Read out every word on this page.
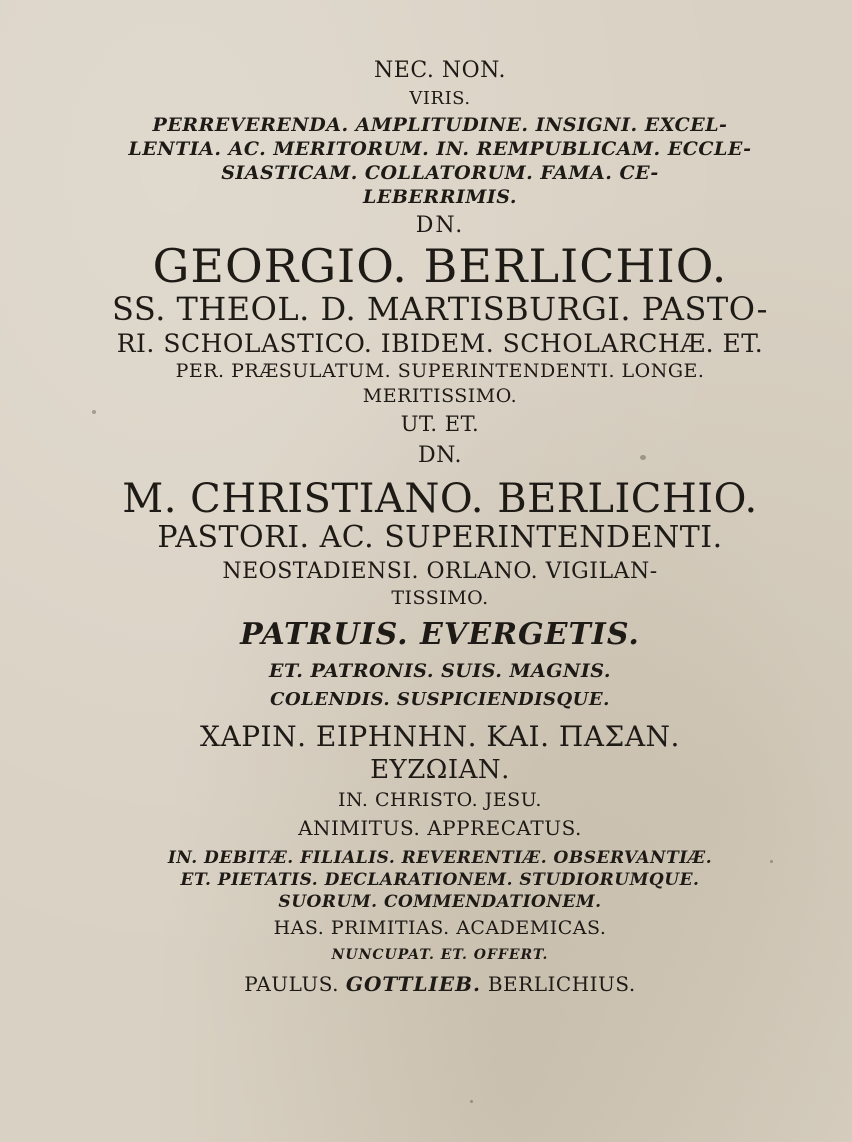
NEC. NON.
VIRIS.
PERREVERENDA. AMPLITUDINE. INSIGNI. EXCEL-
LENTIA. AC. MERITORUM. IN. REMPUBLICAM. ECCLE-
SIASTICAM. COLLATORUM. FAMA. CE-
LEBERRIMIS.
DN.
GEORGIO. BERLICHIO.
SS. THEOL. D. MARTISBURGI. PASTO-
RI. SCHOLASTICO. IBIDEM. SCHOLARCHÆ. ET.
PER. PRÆSULATUM. SUPERINTENDENTI. LONGE.
MERITISSIMO.
UT. ET.
DN.
M. CHRISTIANO. BERLICHIO.
PASTORI. AC. SUPERINTENDENTI.
NEOSTADIENSI. ORLANO. VIGILAN-
TISSIMO.
PATRUIS. EVERGETIS.
ET. PATRONIS. SUIS. MAGNIS.
COLENDIS. SUSPICIENDISQUE.
ΧΑΡΙΝ. ΕΙΡΗΝΗΝ. ΚΑΙ. ΠΑΣΑΝ.
ΕΥΖΩΙΑΝ.
IN. CHRISTO. JESU.
ANIMITUS. APPRECATUS.
IN. DEBITÆ. FILIALIS. REVERENTIÆ. OBSERVANTIÆ.
ET. PIETATIS. DECLARATIONEM. STUDIORUMQUE.
SUORUM. COMMENDATIONEM.
HAS. PRIMITIAS. ACADEMICAS.
NUNCUPAT. ET. OFFERT.
PAULUS. GOTTLIEB. BERLICHIUS.
